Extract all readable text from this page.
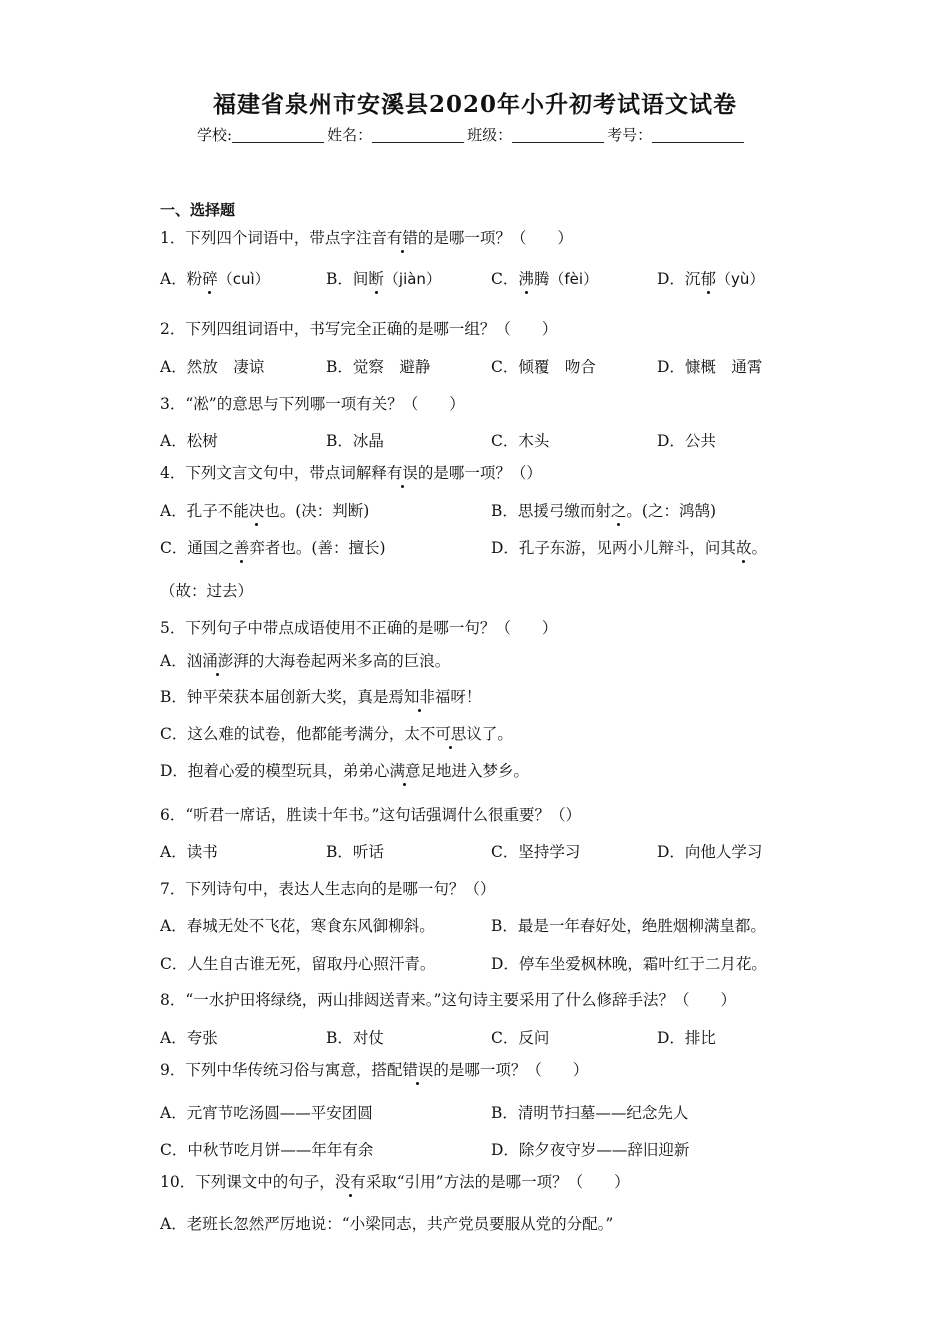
福建省泉州市安溪县2020年小升初考试语文试卷
学校:	姓名：	班级：	考号：
一、选择题
1．下列四个词语中，带点字注音有错的是哪一项？（　　）
A．粉碎（cuì）	B．间断（jiàn）	C．沸腾（fèi）	D．沉郁（yù）
2．下列四组词语中，书写完全正确的是哪一组？（　　）
A．然放　凄谅	B．觉察　避静	C．倾覆　吻合	D．慷概　通霄
3．“凇”的意思与下列哪一项有关？（　　）
A．松树	B．冰晶	C．木头	D．公共
4．下列文言文句中，带点词解释有误的是哪一项？（）
A．孔子不能决也。(决：判断)	B．思援弓缴而射之。(之：鸿鹄)
C．通国之善弈者也。(善：擅长)	D．孔子东游，见两小儿辩斗，问其故。
（故：过去）
5．下列句子中带点成语使用不正确的是哪一句？（　　）
A．汹涌澎湃的大海卷起两米多高的巨浪。
B．钟平荣获本届创新大奖，真是焉知非福呀！
C．这么难的试卷，他都能考满分，太不可思议了。
D．抱着心爱的模型玩具，弟弟心满意足地进入梦乡。
6．“听君一席话，胜读十年书。”这句话强调什么很重要？（）
A．读书	B．听话	C．坚持学习	D．向他人学习
7．下列诗句中，表达人生志向的是哪一句？（）
A．春城无处不飞花，寒食东风御柳斜。	B．最是一年春好处，绝胜烟柳满皇都。
C．人生自古谁无死，留取丹心照汗青。	D．停车坐爱枫林晚，霜叶红于二月花。
8．“一水护田将绿绕，两山排闼送青来。”这句诗主要采用了什么修辞手法？（　　）
A．夸张	B．对仗	C．反问	D．排比
9．下列中华传统习俗与寓意，搭配错误的是哪一项？（　　）
A．元宵节吃汤圆——平安团圆	B．清明节扫墓——纪念先人
C．中秋节吃月饼——年年有余	D．除夕夜守岁——辞旧迎新
10．下列课文中的句子，没有采取“引用”方法的是哪一项？（　　）
A．老班长忽然严厉地说：“小梁同志，共产党员要服从党的分配。”
